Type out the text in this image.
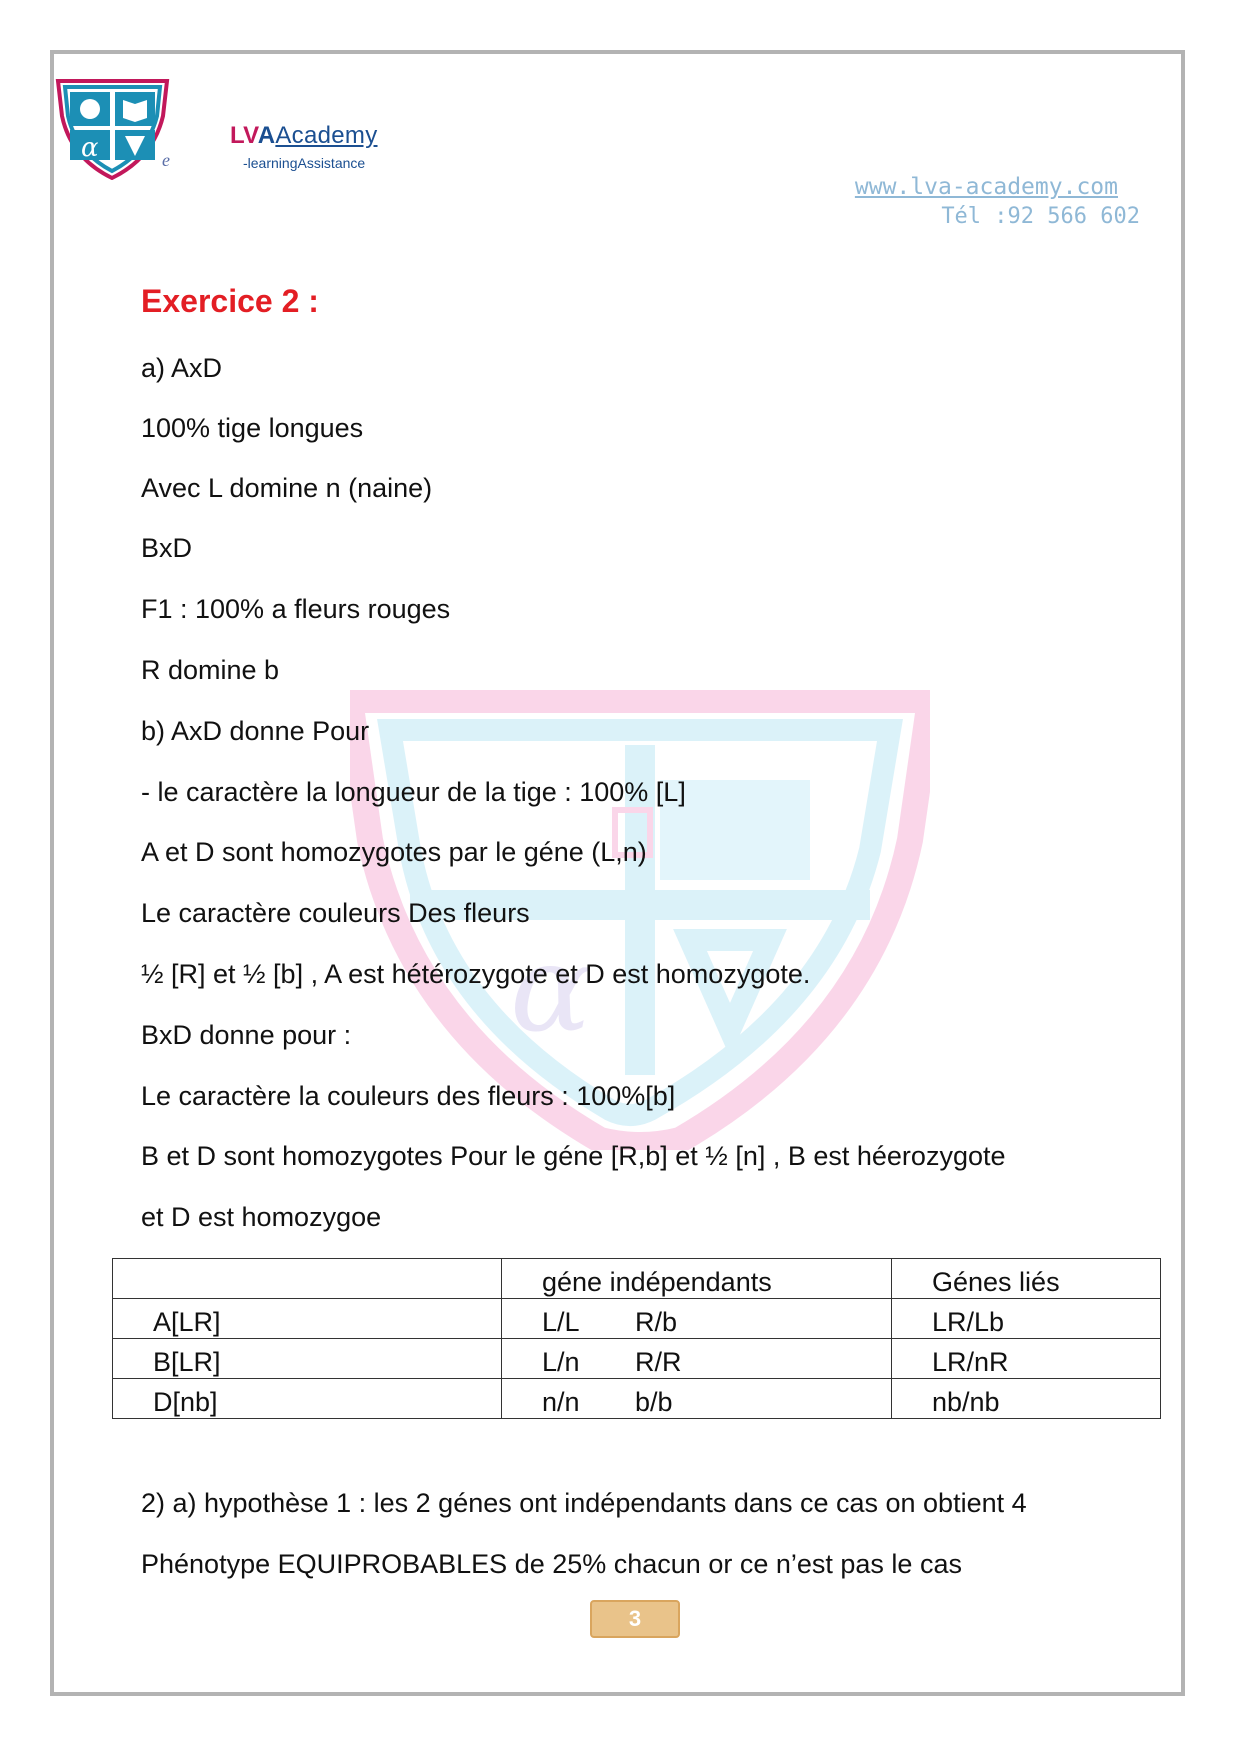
α
α	e
LVAAcademy
-learningAssistance
www.lva-academy.com
Tél :92 566 602
Exercice 2 :
a) AxD
100% tige longues
Avec L domine n (naine)
BxD
F1 : 100% a fleurs rouges
R domine b
b) AxD donne Pour
- le caractère la longueur de la tige : 100% [L]
A et D sont homozygotes par le géne (L,n)
Le caractère couleurs Des fleurs
½ [R] et ½ [b] , A est hétérozygote et D est homozygote.
BxD donne pour :
Le caractère la couleurs des fleurs : 100%[b]
B et D sont homozygotes Pour le géne [R,b] et ½ [n] , B est héerozygote
et D est homozygoe
	géne indépendants	Génes liés
A[LR]	L/L R/b	LR/Lb
B[LR]	L/n R/R	LR/nR
D[nb]	n/n b/b	nb/nb
2) a) hypothèse 1 : les 2 génes ont indépendants dans ce cas on obtient 4
Phénotype EQUIPROBABLES de 25% chacun or ce n’est pas le cas
3
